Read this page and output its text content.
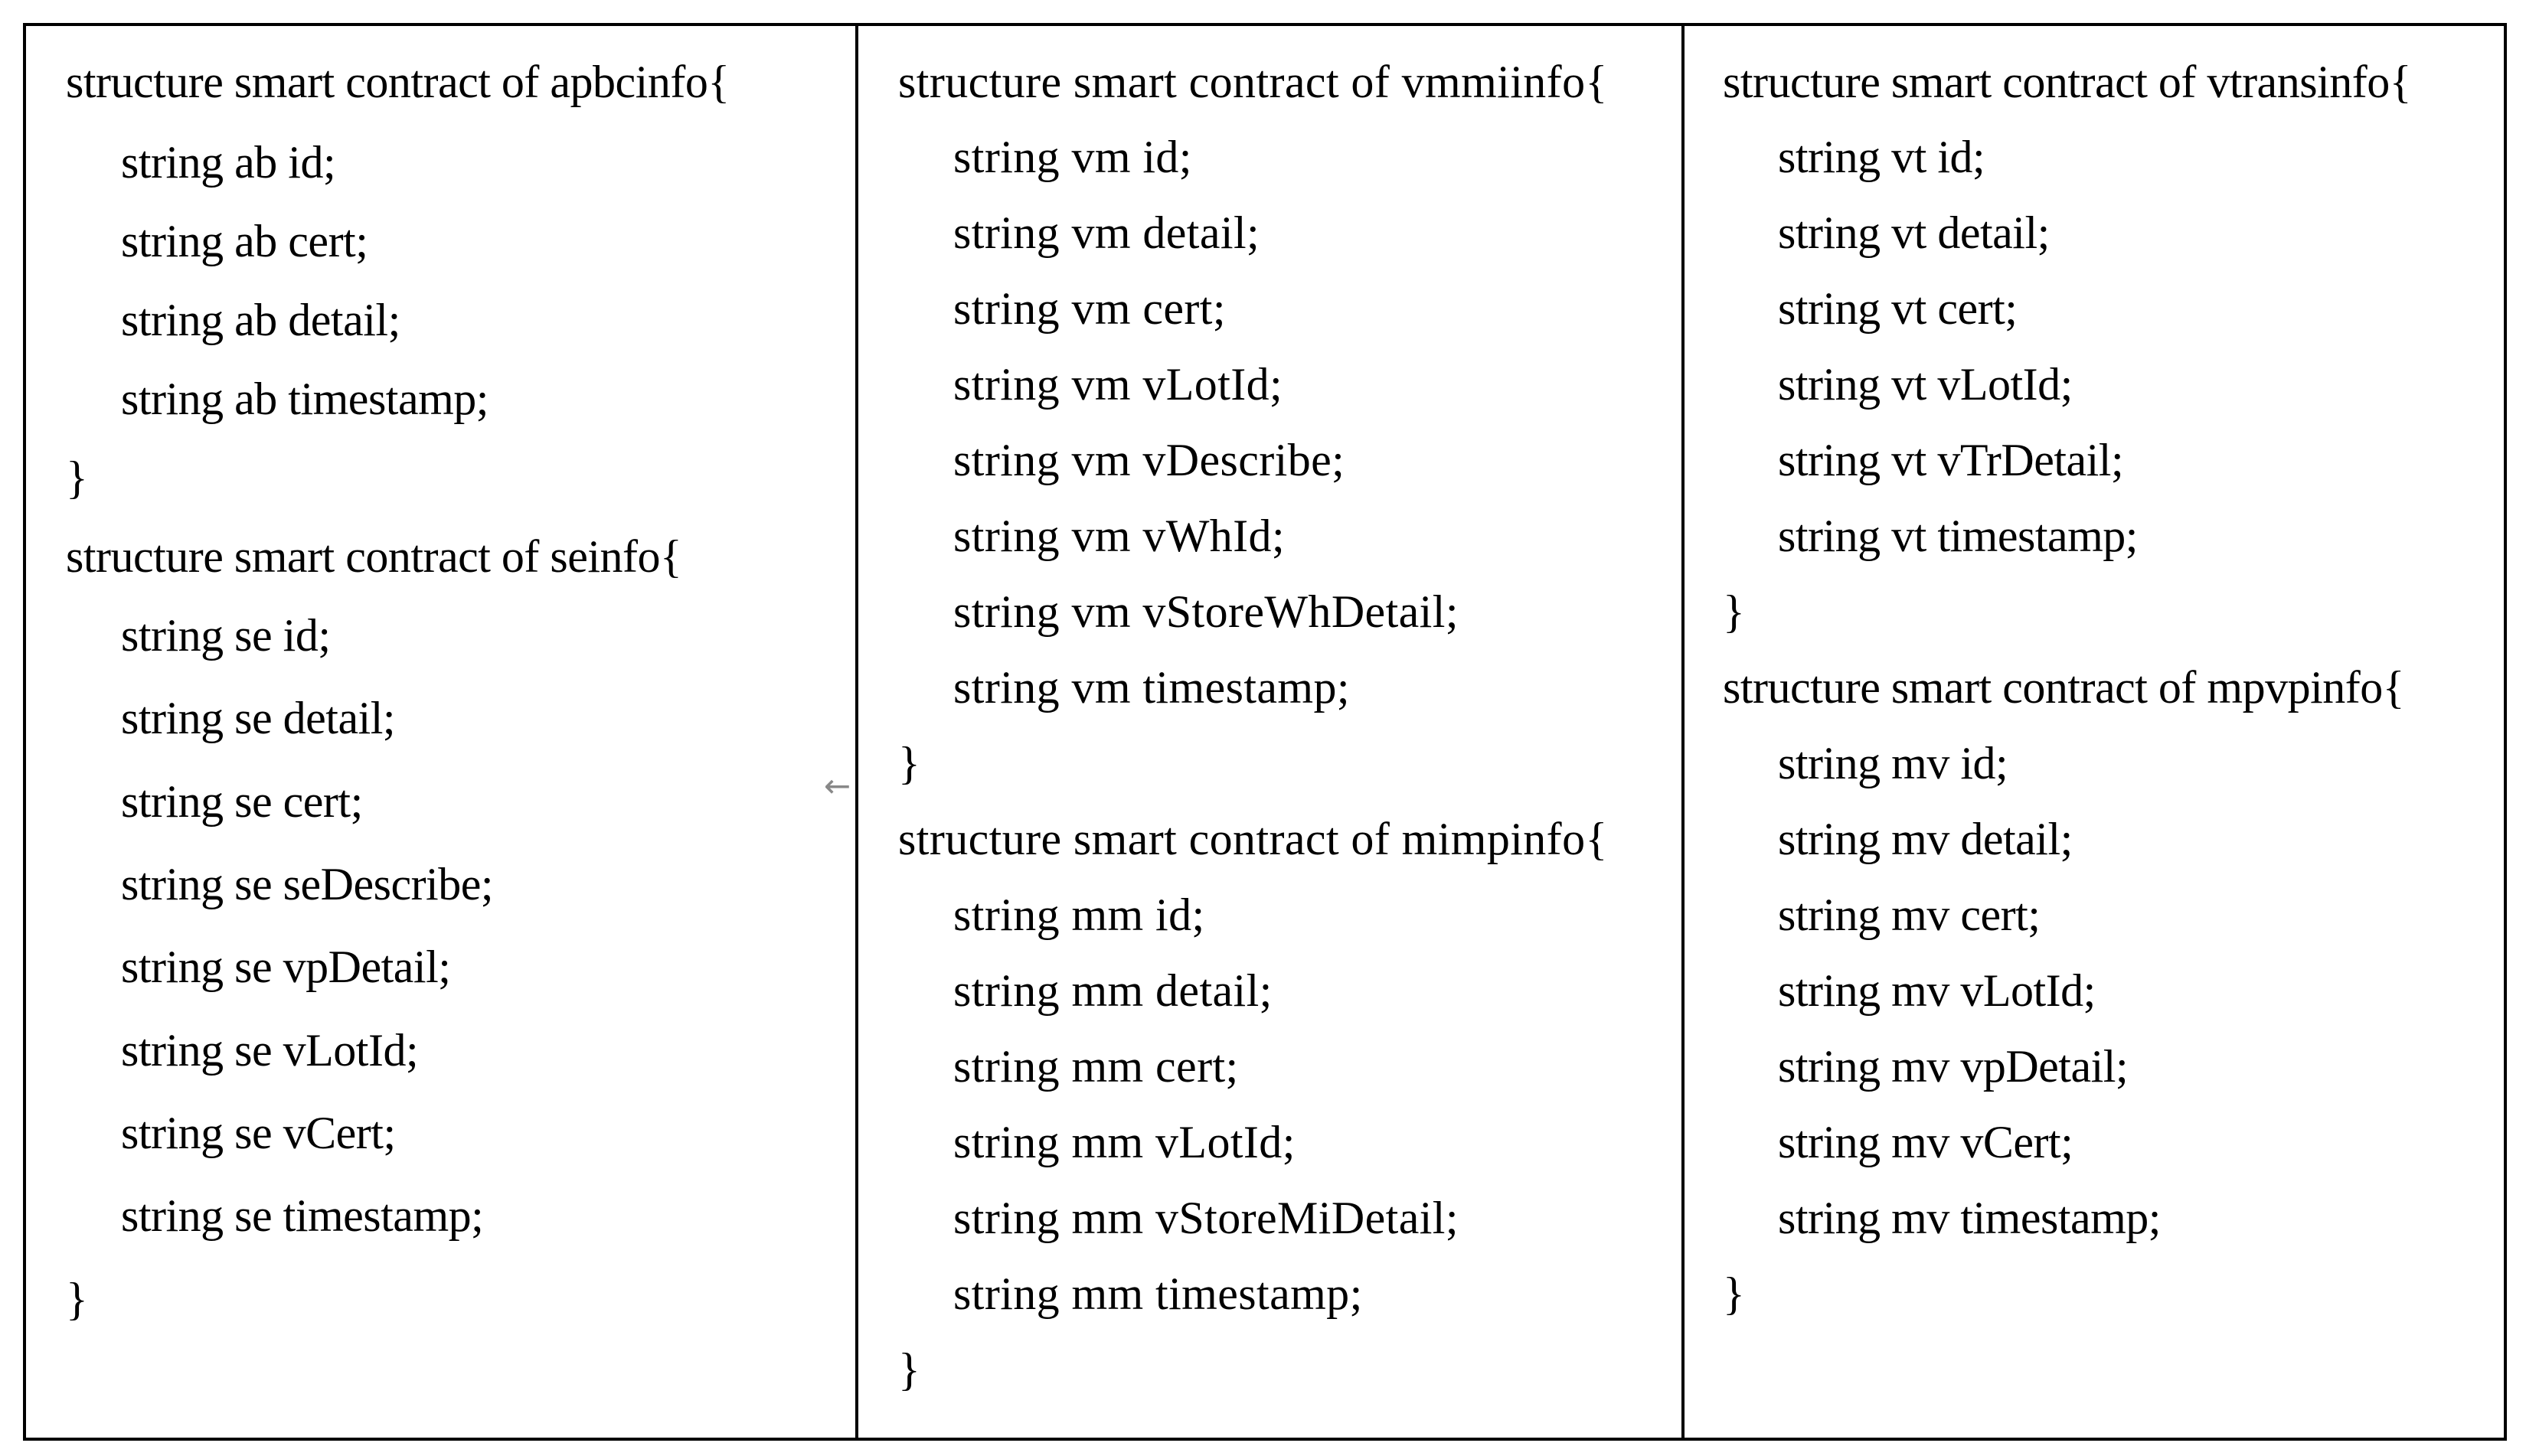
structure smart contract of apbcinfo{
string ab id;
string ab cert;
string ab detail;
string ab timestamp;
}
structure smart contract of seinfo{
string se id;
string se detail;
string se cert;
string se seDescribe;
string se vpDetail;
string se vLotId;
string se vCert;
string se timestamp;
}
←
structure smart contract of vmmiinfo{
string vm id;
string vm detail;
string vm cert;
string vm vLotId;
string vm vDescribe;
string vm vWhId;
string vm vStoreWhDetail;
string vm timestamp;
}
structure smart contract of mimpinfo{
string mm id;
string mm detail;
string mm cert;
string mm vLotId;
string mm vStoreMiDetail;
string mm timestamp;
}
structure smart contract of vtransinfo{
string vt id;
string vt detail;
string vt cert;
string vt vLotId;
string vt vTrDetail;
string vt timestamp;
}
structure smart contract of mpvpinfo{
string mv id;
string mv detail;
string mv cert;
string mv vLotId;
string mv vpDetail;
string mv vCert;
string mv timestamp;
}
